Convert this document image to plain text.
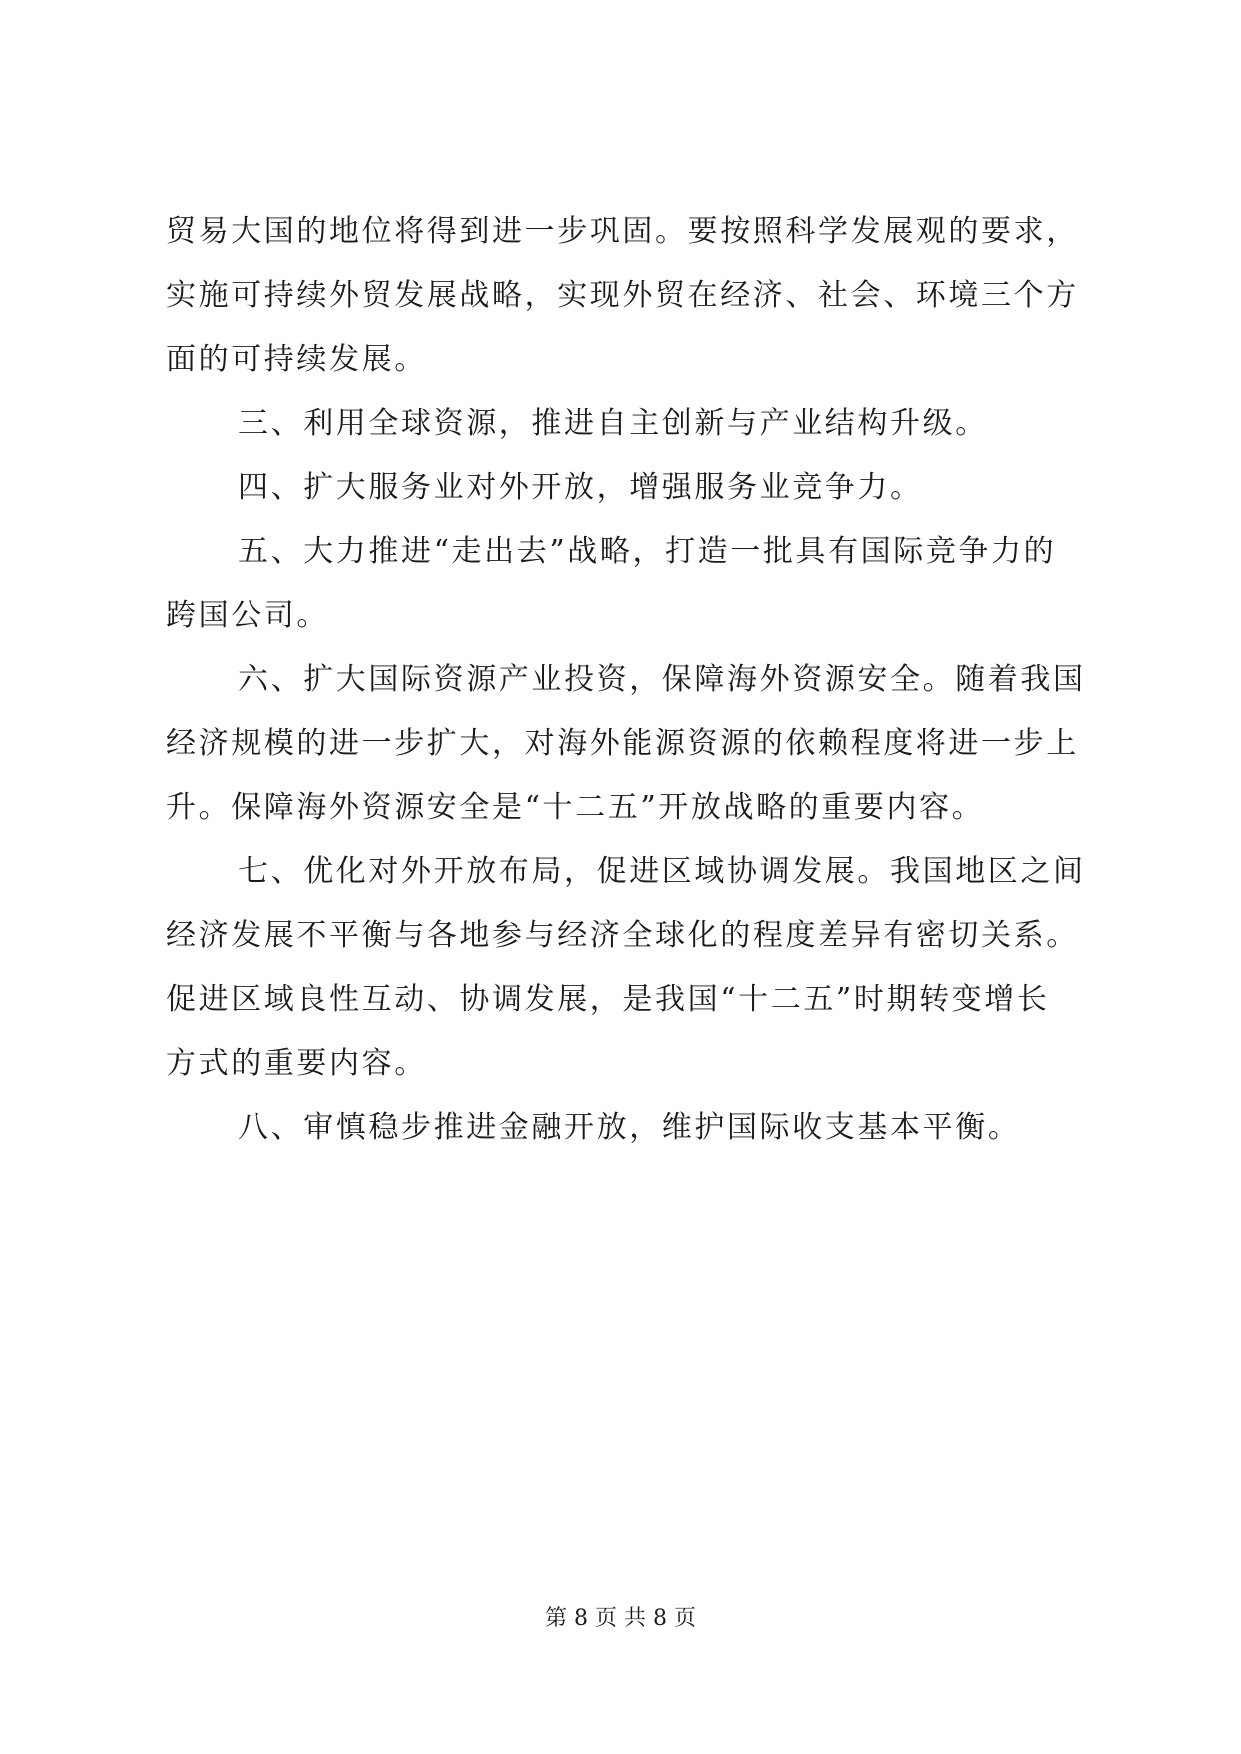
贸易大国的地位将得到进一步巩固。要按照科学发展观的要求，
实施可持续外贸发展战略，实现外贸在经济、社会、环境三个方
面的可持续发展。
三、利用全球资源，推进自主创新与产业结构升级。
四、扩大服务业对外开放，增强服务业竞争力。
五、大力推进“走出去”战略，打造一批具有国际竞争力的
跨国公司。
六、扩大国际资源产业投资，保障海外资源安全。随着我国
经济规模的进一步扩大，对海外能源资源的依赖程度将进一步上
升。保障海外资源安全是“十二五”开放战略的重要内容。
七、优化对外开放布局，促进区域协调发展。我国地区之间
经济发展不平衡与各地参与经济全球化的程度差异有密切关系。
促进区域良性互动、协调发展，是我国“十二五”时期转变增长
方式的重要内容。
八、审慎稳步推进金融开放，维护国际收支基本平衡。
第 8 页 共 8 页
